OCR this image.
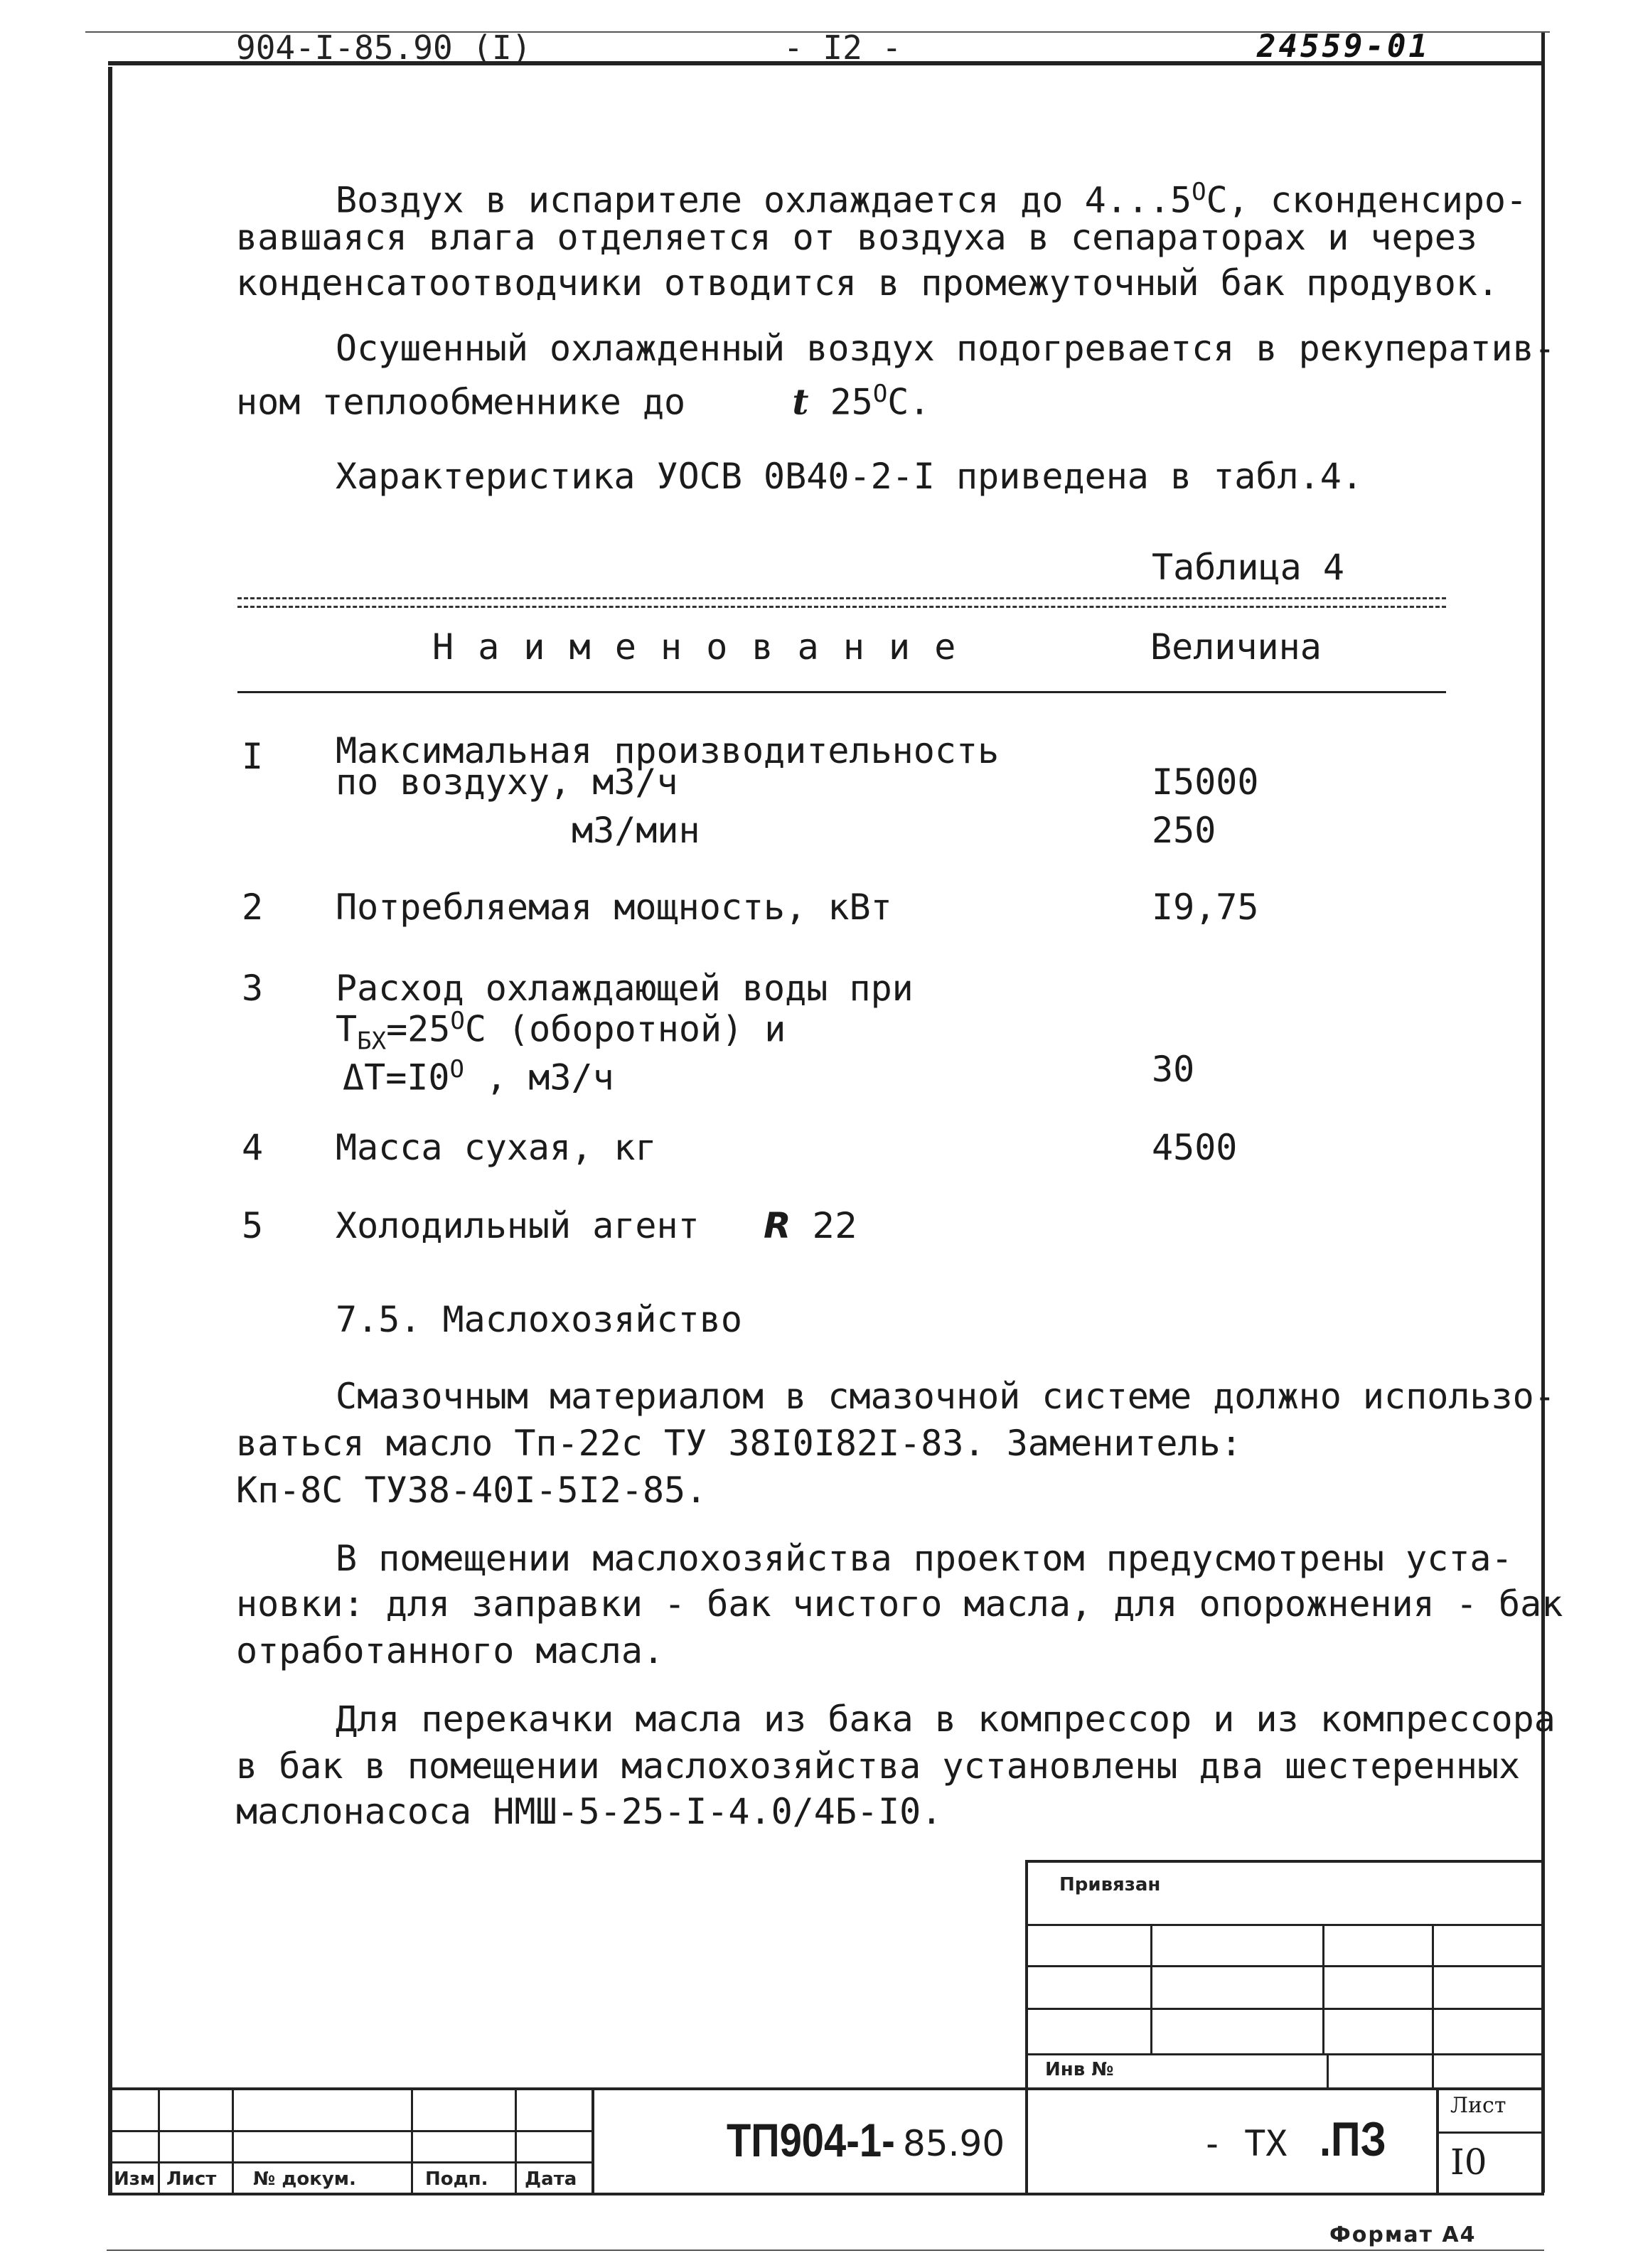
904-I-85.90 (I)	- I2 -	24559-01
Воздух в испарителе охлаждается до $4...5^OС$, сконденсиро-
вавшаяся влага отделяется от воздуха в сепараторах и через
конденсатоотводчики отводится в промежуточный бак продувок.
Осушенный охлажденный воздух подогревается в рекуператив-
ном теплообменнике до	t $25^OС$.
Характеристика УОСВ 0В40-2-I приведена в табл.4.
Таблица 4
Н а и м е н о в а н и е	Величина
I Максимальная производительность
по воздуху, м3/ч	I5000
м3/мин	250
2 Потребляемая мощность, кВт	I9,75
3 Расход охлаждающей воды при
$Т_{БХ}=25^OС$ (оборотной) и
$\Delta Т=I0^O$ , м3/ч	30
4 Масса сухая, кг	4500
5 Холодильный агент R 22
7.5. Маслохозяйство
Смазочным материалом в смазочной системе должно использо-
ваться масло Тп-22с ТУ 38I0I82I-83. Заменитель:
Кп-8С ТУ38-40I-5I2-85.
В помещении маслохозяйства проектом предусмотрены уста-
новки: для заправки - бак чистого масла, для опорожнения - бак
отработанного масла.
Для перекачки масла из бака в компрессор и из компрессора
в бак в помещении маслохозяйства установлены два шестеренных
маслонасоса НМШ-5-25-I-4.0/4Б-I0.
Привязан
Инв №
Изм Лист № докум.	Подп. Дата
ТП904-1- 85.90	- ТХ .ПЗ
Лист
I0
Формат А4
